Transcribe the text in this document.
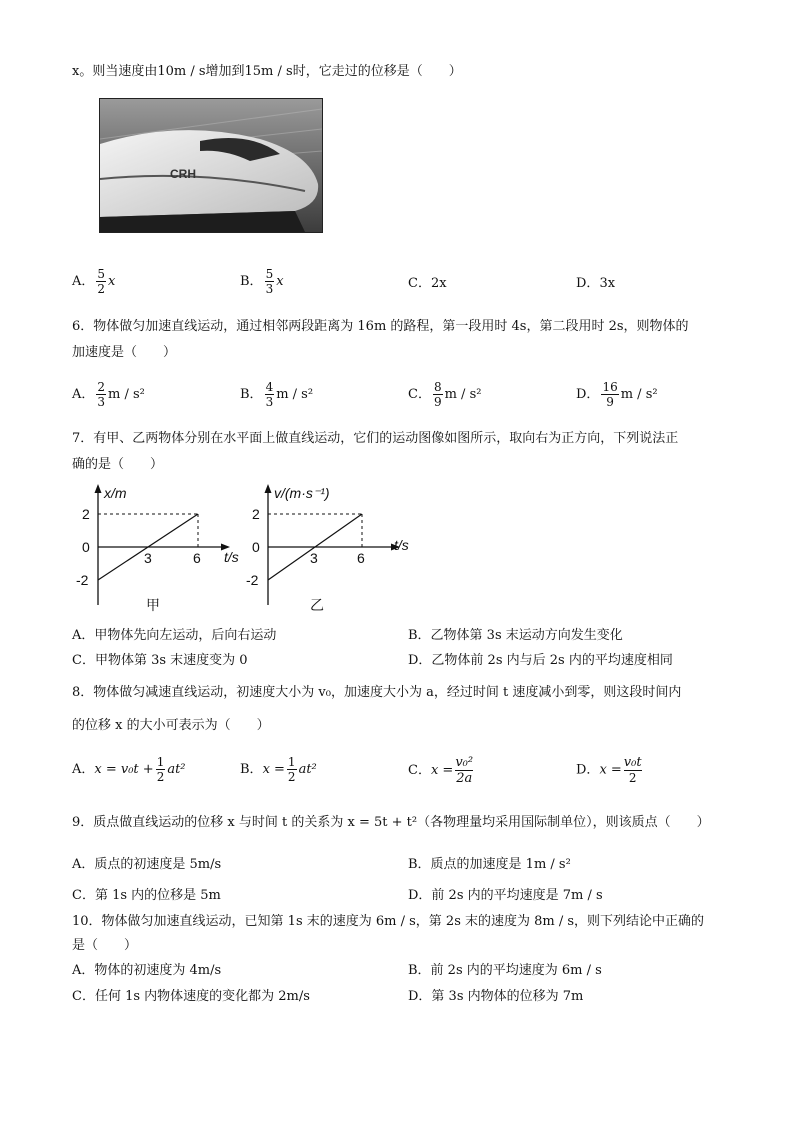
x。则当速度由10m / s增加到15m / s时，它走过的位移是（　　）
CRH
A． $\frac{5}{2}$ x	B． $\frac{5}{3}$ x	C．2x	D．3x
6．物体做匀加速直线运动，通过相邻两段距离为 16m 的路程，第一段用时 4s，第二段用时 2s，则物体的
加速度是（　　）
A． $\frac{2}{3}$ m / s²	B． $\frac{4}{3}$ m / s²	C． $\frac{8}{9}$ m / s²	D． $\frac{16}{9}$ m / s²
7．有甲、乙两物体分别在水平面上做直线运动，它们的运动图像如图所示，取向右为正方向，下列说法正
确的是（　　）
x/m
t/s
2
0
-2
3	6
甲
v/(m·s⁻¹)
t/s
2
0
-2
3	6
乙
A．甲物体先向左运动，后向右运动	B．乙物体第 3s 末运动方向发生变化
C．甲物体第 3s 末速度变为 0	D．乙物体前 2s 内与后 2s 内的平均速度相同
8．物体做匀减速直线运动，初速度大小为 v₀，加速度大小为 a，经过时间 t 速度减小到零，则这段时间内
的位移 x 的大小可表示为（　　）
A．$x = v_0t + \frac{1}{2} at^2$	B．$x = \frac{1}{2} at^2$	C．$x = \frac{\text{v₀²}}{2a}$	D．$x = \frac{\text{v₀t}}{2}$
9．质点做直线运动的位移 x 与时间 t 的关系为 x = 5t + t²（各物理量均采用国际制单位），则该质点（　　）
A．质点的初速度是 5m/s	B．质点的加速度是 1m / s²
C．第 1s 内的位移是 5m	D．前 2s 内的平均速度是 7m / s
10．物体做匀加速直线运动，已知第 1s 末的速度为 6m / s，第 2s 末的速度为 8m / s，则下列结论中正确的
是（　　）
A．物体的初速度为 4m/s	B．前 2s 内的平均速度为 6m / s
C．任何 1s 内物体速度的变化都为 2m/s	D．第 3s 内物体的位移为 7m
